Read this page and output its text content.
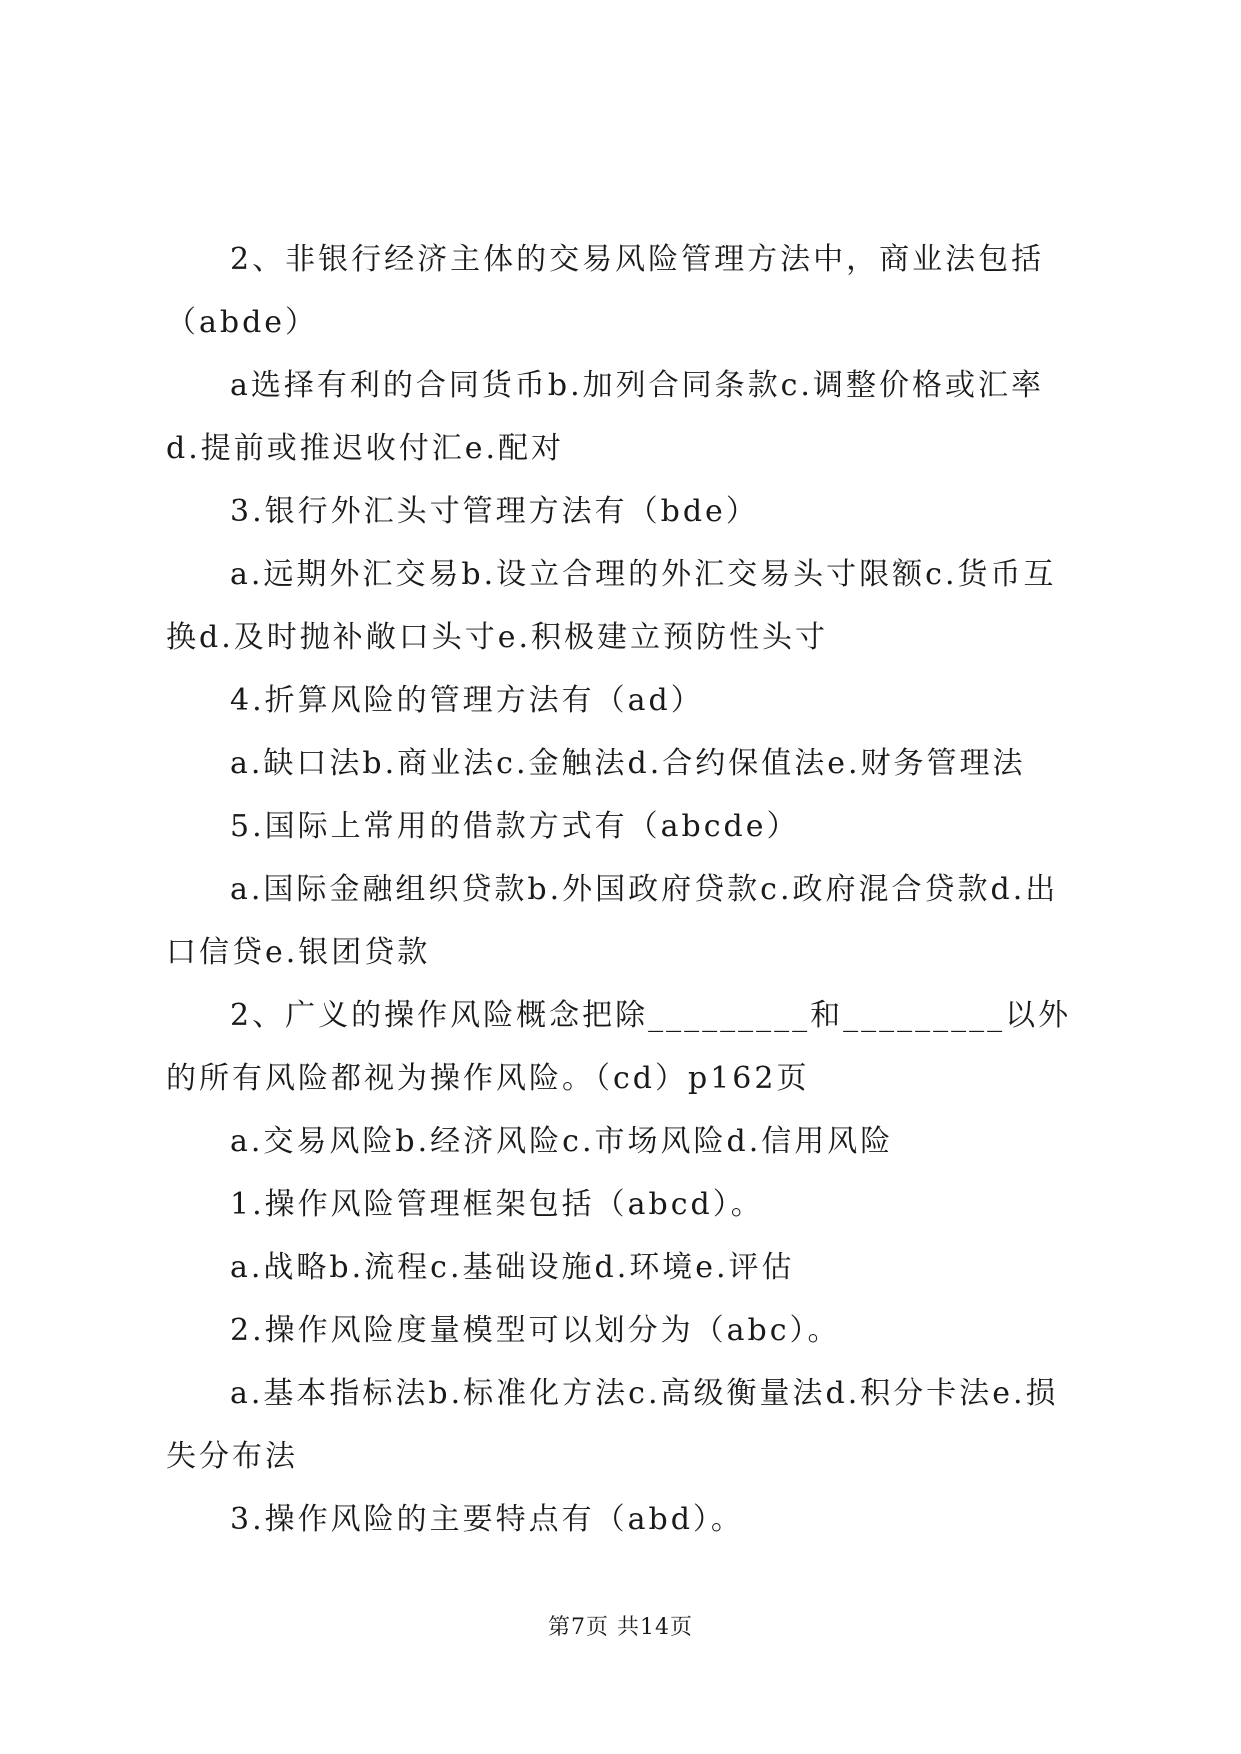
2、非银行经济主体的交易风险管理方法中，商业法包括（abde）

a选择有利的合同货币b.加列合同条款c.调整价格或汇率d.提前或推迟收付汇e.配对

3.银行外汇头寸管理方法有（bde）

a.远期外汇交易b.设立合理的外汇交易头寸限额c.货币互换d.及时抛补敞口头寸e.积极建立预防性头寸

4.折算风险的管理方法有（ad）

a.缺口法b.商业法c.金触法d.合约保值法e.财务管理法

5.国际上常用的借款方式有（abcde）

a.国际金融组织贷款b.外国政府贷款c.政府混合贷款d.出口信贷e.银团贷款

2、广义的操作风险概念把除_________和_________以外的所有风险都视为操作风险。（cd）p162页

a.交易风险b.经济风险c.市场风险d.信用风险

1.操作风险管理框架包括（abcd）。

a.战略b.流程c.基础设施d.环境e.评估

2.操作风险度量模型可以划分为（abc）。

a.基本指标法b.标准化方法c.高级衡量法d.积分卡法e.损失分布法

3.操作风险的主要特点有（abd）。

第7页 共14页
